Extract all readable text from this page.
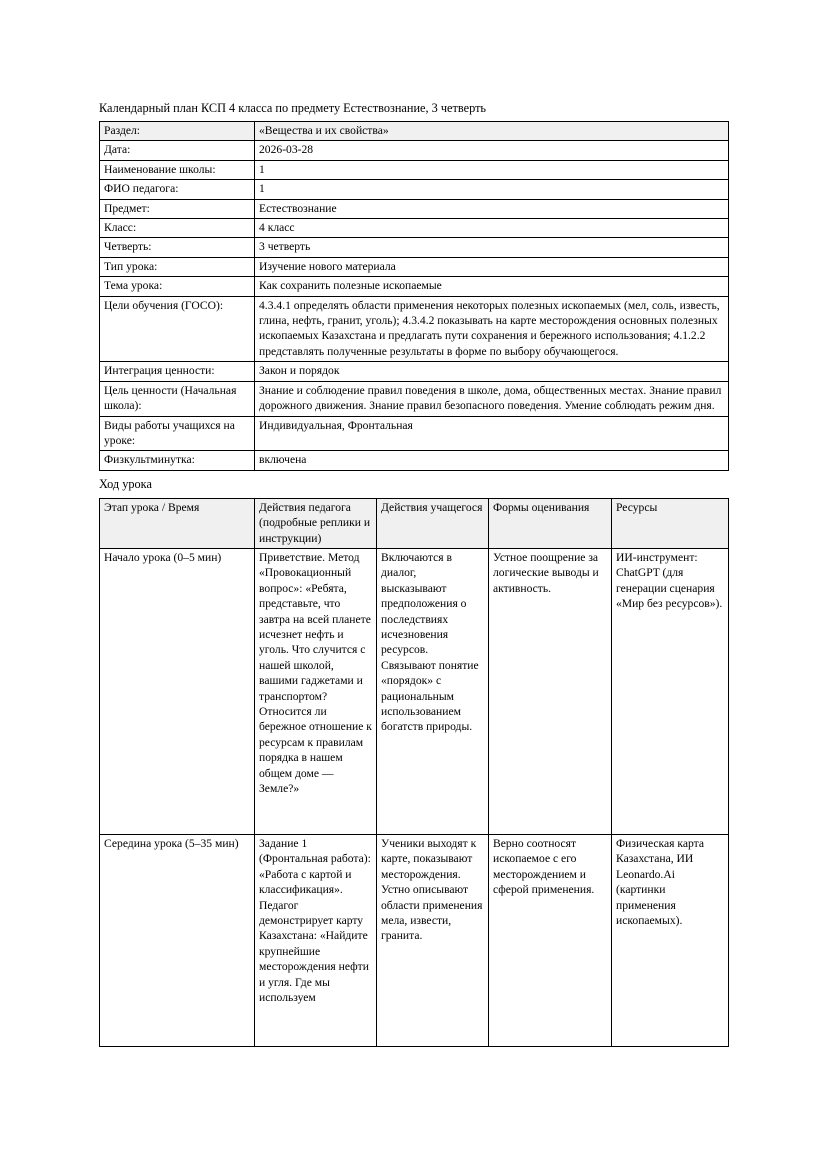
Календарный план КСП 4 класса по предмету Естествознание, 3 четверть

Раздел:	«Вещества и их свойства»
Дата:	2026-03-28
Наименование школы:	1
ФИО педагога:	1
Предмет:	Естествознание
Класс:	4 класс
Четверть:	3 четверть
Тип урока:	Изучение нового материала
Тема урока:	Как сохранить полезные ископаемые
Цели обучения (ГОСО):	4.3.4.1 определять области применения некоторых полезных ископаемых (мел, соль, известь, глина, нефть, гранит, уголь); 4.3.4.2 показывать на карте месторождения основных полезных ископаемых Казахстана и предлагать пути сохранения и бережного использования; 4.1.2.2 представлять полученные результаты в форме по выбору обучающегося.
Интеграция ценности:	Закон и порядок
Цель ценности (Начальная школа):	Знание и соблюдение правил поведения в школе, дома, общественных местах. Знание правил дорожного движения. Знание правил безопасного поведения. Умение соблюдать режим дня.
Виды работы учащихся на уроке:	Индивидуальная, Фронтальная
Физкультминутка:	включена

Ход урока

Этап урока / Время	Действия педагога (подробные реплики и инструкции)	Действия учащегося	Формы оценивания	Ресурсы
Начало урока (0–5 мин)	Приветствие. Метод «Провокационный вопрос»: «Ребята, представьте, что завтра на всей планете исчезнет нефть и уголь. Что случится с нашей школой, вашими гаджетами и транспортом? Относится ли бережное отношение к ресурсам к правилам порядка в нашем общем доме — Земле?»	Включаются в диалог, высказывают предположения о последствиях исчезновения ресурсов. Связывают понятие «порядок» с рациональным использованием богатств природы.	Устное поощрение за логические выводы и активность.	ИИ-инструмент: ChatGPT (для генерации сценария «Мир без ресурсов»).
Середина урока (5–35 мин)	Задание 1 (Фронтальная работа): «Работа с картой и классификация». Педагог демонстрирует карту Казахстана: «Найдите крупнейшие месторождения нефти и угля. Где мы используем	Ученики выходят к карте, показывают месторождения. Устно описывают области применения мела, извести, гранита.	Верно соотносят ископаемое с его месторождением и сферой применения.	Физическая карта Казахстана, ИИ Leonardo.Ai (картинки применения ископаемых).
